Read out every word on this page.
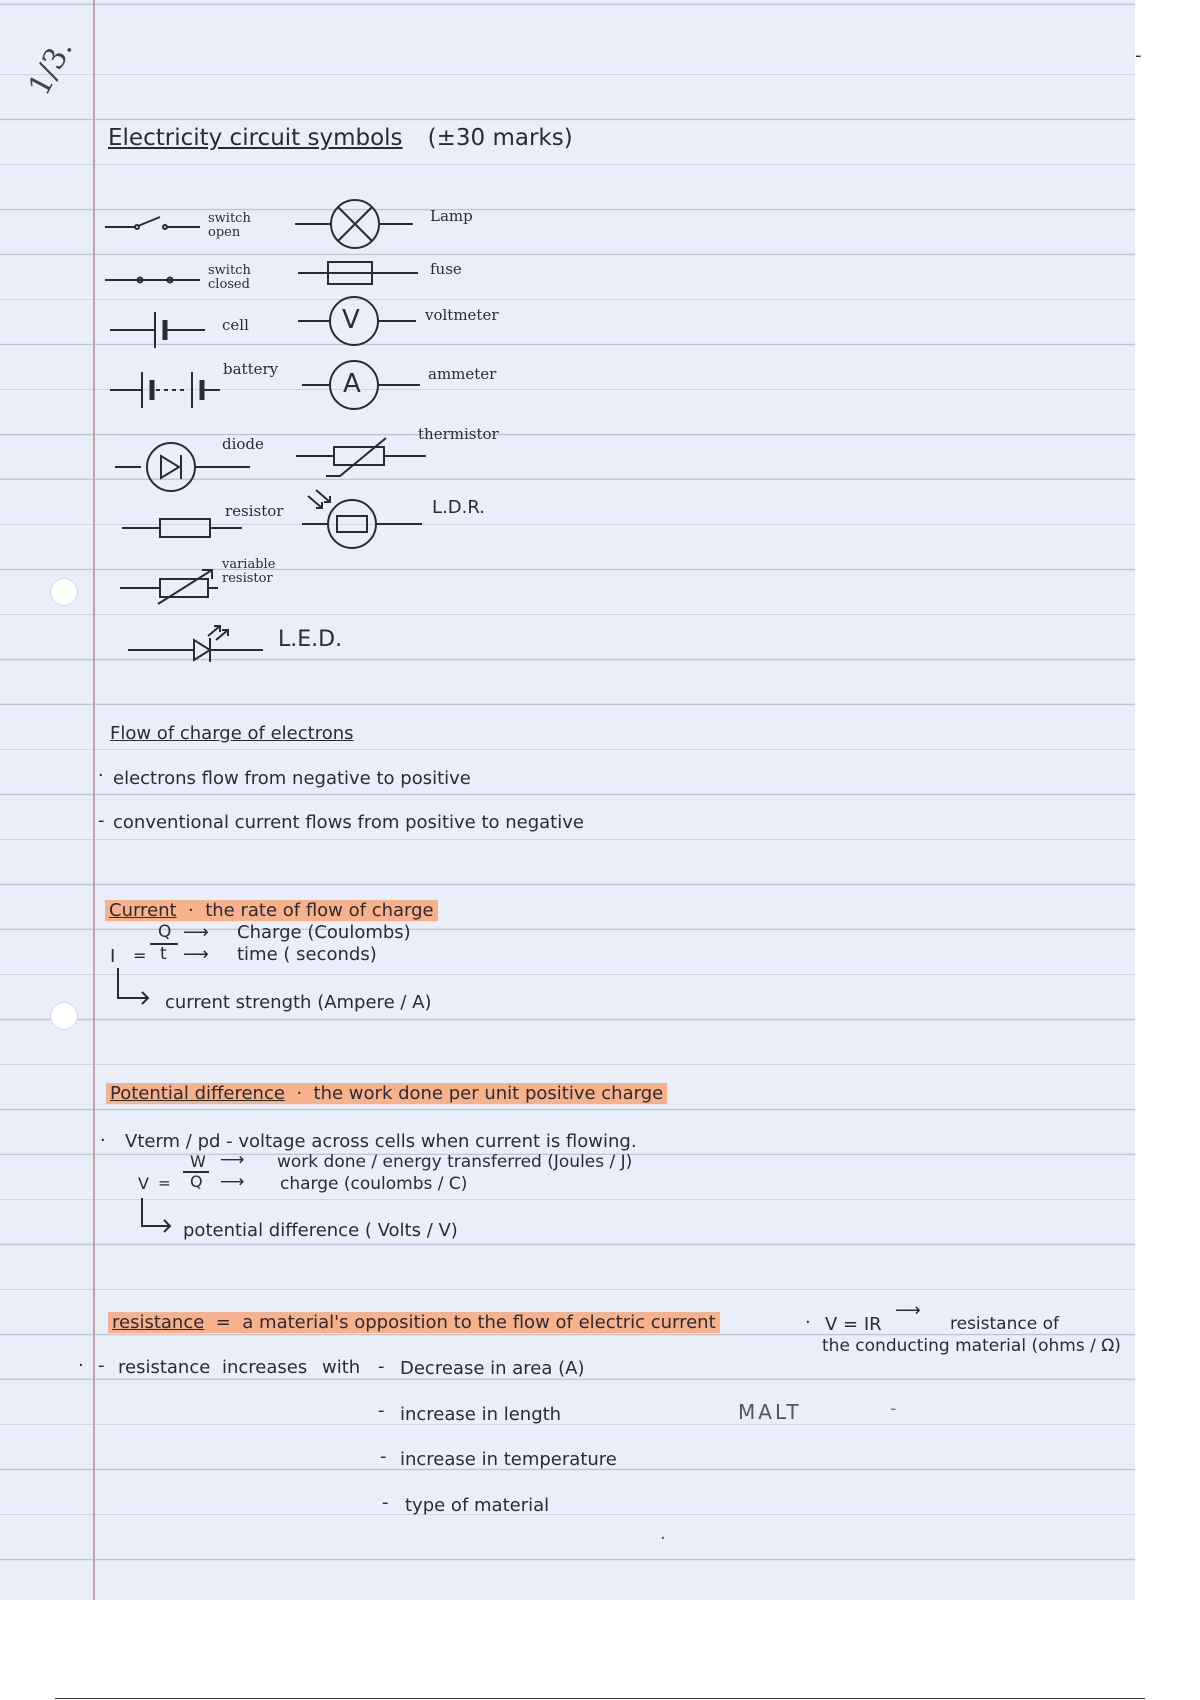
1/3.	-
Electricity circuit symbols (±30 marks)
switch
open
switch
closed
cell
battery
diode
resistor
variable
resistor
L.E.D.
Lamp
fuse
V	voltmeter
A	ammeter
thermistor
L.D.R.
Flow of charge of electrons
· electrons flow from negative to positive
- conventional current flows from positive to negative
Current  ·  the rate of flow of charge
Q
t
I =
⟶ Charge (Coulombs)
⟶ time ( seconds)
current strength (Ampere / A)
Potential difference  ·  the work done per unit positive charge
· Vterm / pd - voltage across cells when current is flowing.
W
Q
V =
⟶ work done / energy transferred (Joules / J)
⟶ charge (coulombs / C)
potential difference ( Volts / V)
resistance  =  a material's opposition to the flow of electric current	· V = IR
⟶
resistance of
the conducting material (ohms / Ω)
· - resistance increases with - Decrease in area (A)
- increase in length
- increase in temperature
- type of material
MALT	-
·
